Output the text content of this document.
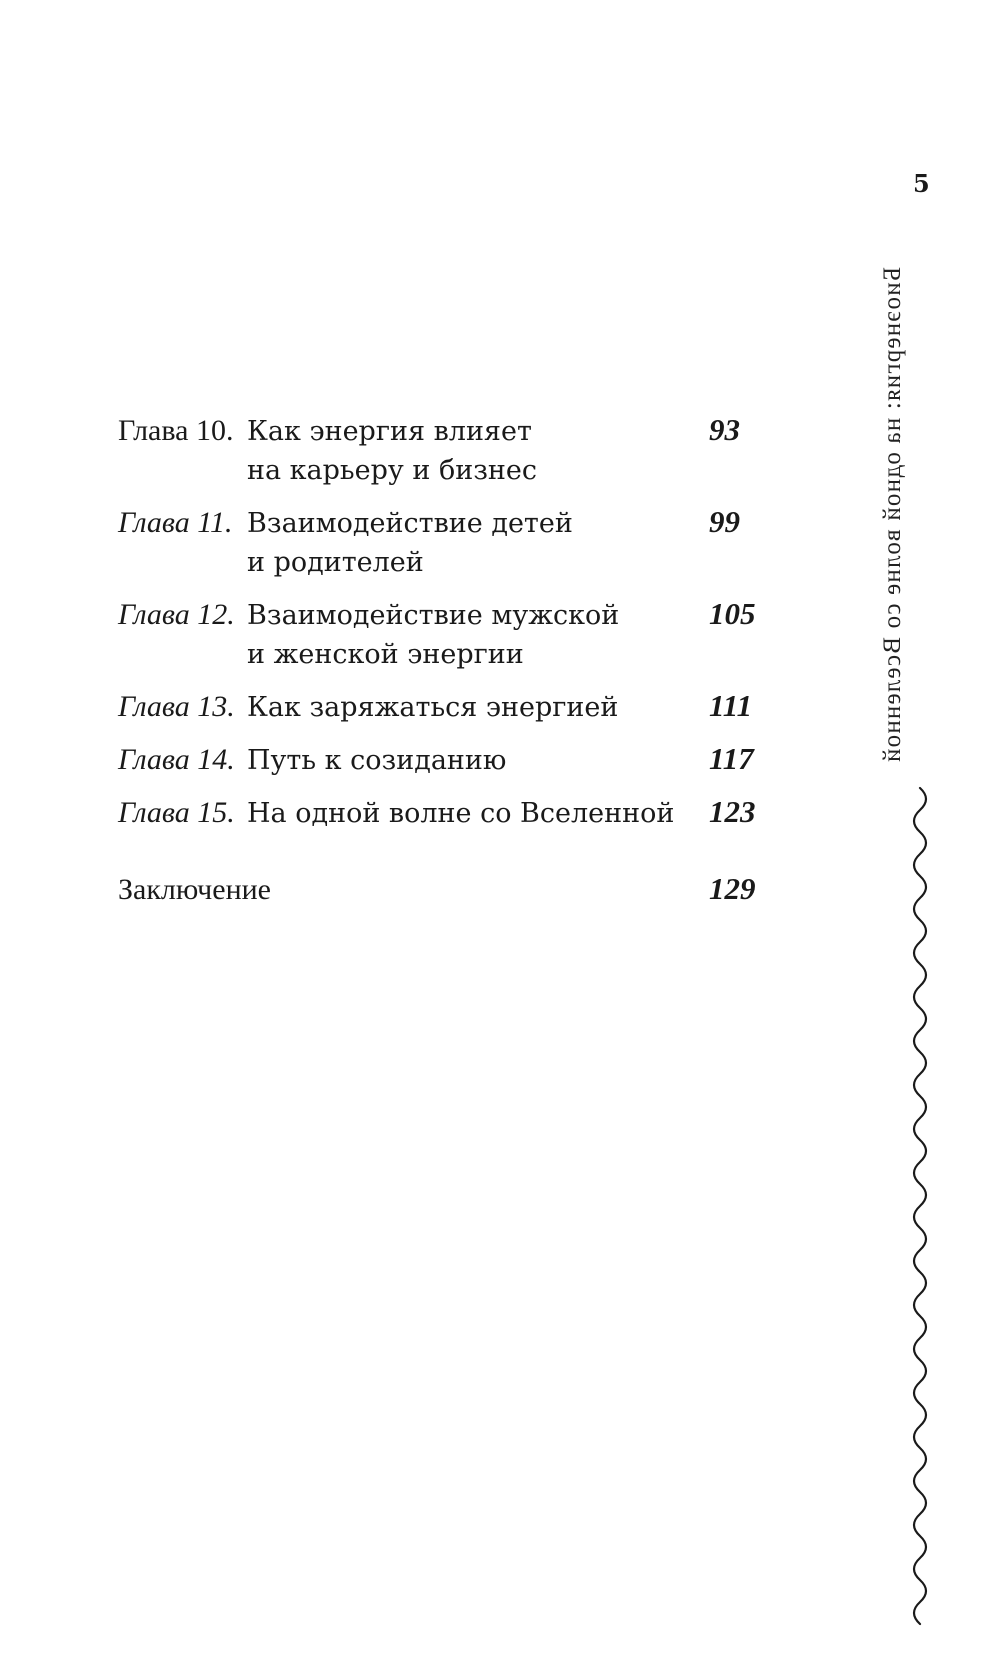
5
Биоэнергия: на одной волне со Вселенной
Глава 10. Как энергия влияет	93
на карьеру и бизнес
Глава 11. Взаимодействие детей	99
и родителей
Глава 12. Взаимодействие мужской	105
и женской энергии
Глава 13. Как заряжаться энергией	111
Глава 14. Путь к созиданию	117
Глава 15. На одной волне со Вселенной	123
Заключение	129
